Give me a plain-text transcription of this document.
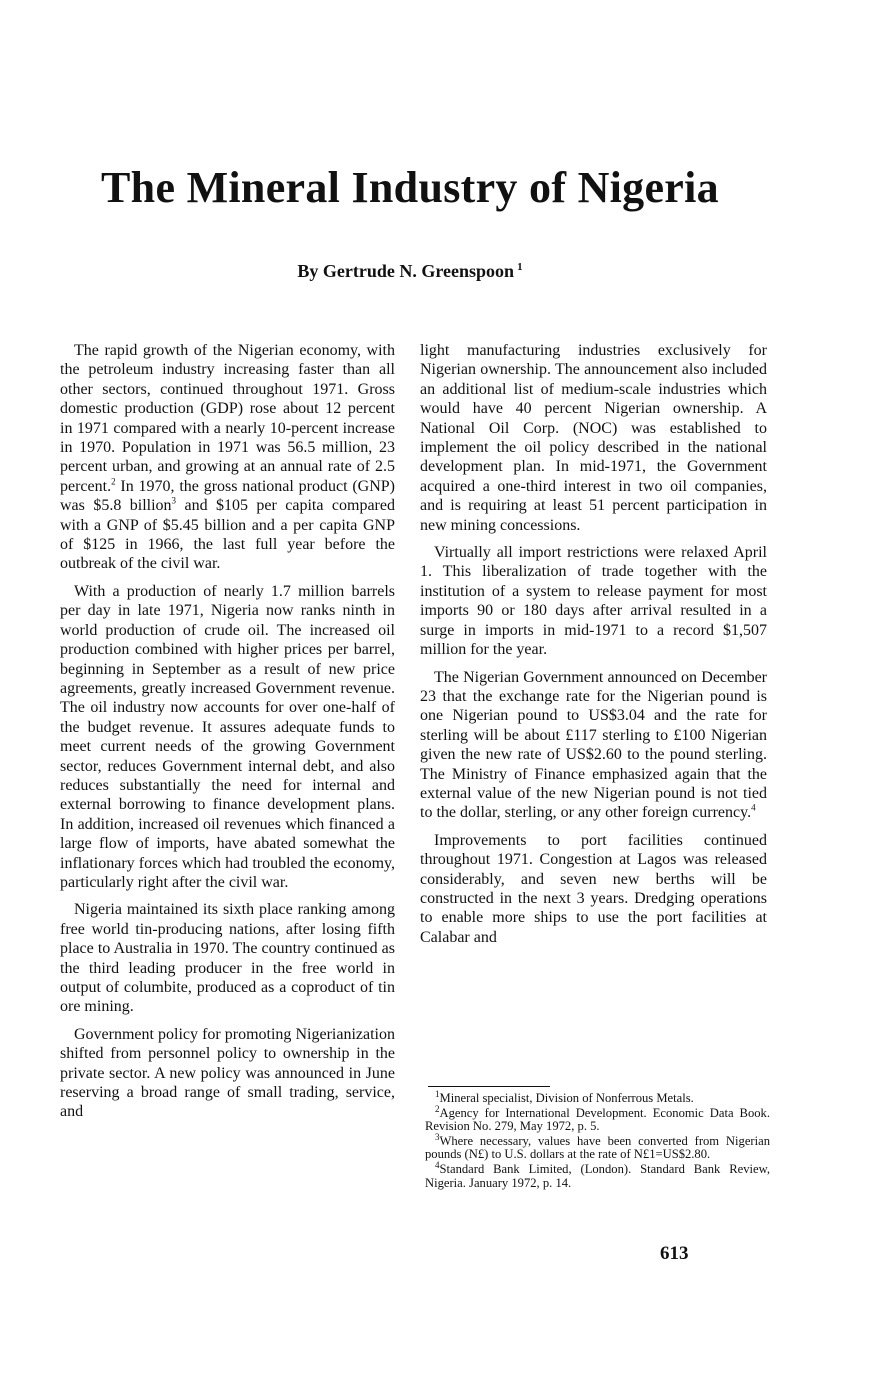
The Mineral Industry of Nigeria
By Gertrude N. Greenspoon $^1$

The rapid growth of the Nigerian economy, with the petroleum industry increasing faster than all other sectors, continued throughout 1971. Gross domestic production (GDP) rose about 12 percent in 1971 compared with a nearly 10-percent increase in 1970. Population in 1971 was 56.5 million, 23 percent urban, and growing at an annual rate of 2.5 percent.$^2$ In 1970, the gross national product (GNP) was $5.8 billion$^3$ and $105 per capita compared with a GNP of $5.45 billion and a per capita GNP of $125 in 1966, the last full year before the outbreak of the civil war.

With a production of nearly 1.7 million barrels per day in late 1971, Nigeria now ranks ninth in world production of crude oil. The increased oil production combined with higher prices per barrel, beginning in September as a result of new price agreements, greatly increased Government revenue. The oil industry now accounts for over one-half of the budget revenue. It assures adequate funds to meet current needs of the growing Government sector, reduces Government internal debt, and also reduces substantially the need for internal and external borrowing to finance development plans. In addition, increased oil revenues which financed a large flow of imports, have abated somewhat the inflationary forces which had troubled the economy, particularly right after the civil war.

Nigeria maintained its sixth place ranking among free world tin-producing nations, after losing fifth place to Australia in 1970. The country continued as the third leading producer in the free world in output of columbite, produced as a coproduct of tin ore mining.

Government policy for promoting Nigerianization shifted from personnel policy to ownership in the private sector. A new policy was announced in June reserving a broad range of small trading, service, and

light manufacturing industries exclusively for Nigerian ownership. The announcement also included an additional list of medium-scale industries which would have 40 percent Nigerian ownership. A National Oil Corp. (NOC) was established to implement the oil policy described in the national development plan. In mid-1971, the Government acquired a one-third interest in two oil companies, and is requiring at least 51 percent participation in new mining concessions.

Virtually all import restrictions were relaxed April 1. This liberalization of trade together with the institution of a system to release payment for most imports 90 or 180 days after arrival resulted in a surge in imports in mid-1971 to a record $1,507 million for the year.

The Nigerian Government announced on December 23 that the exchange rate for the Nigerian pound is one Nigerian pound to US$3.04 and the rate for sterling will be about £117 sterling to £100 Nigerian given the new rate of US$2.60 to the pound sterling. The Ministry of Finance emphasized again that the external value of the new Nigerian pound is not tied to the dollar, sterling, or any other foreign currency.$^4$

Improvements to port facilities continued throughout 1971. Congestion at Lagos was released considerably, and seven new berths will be constructed in the next 3 years. Dredging operations to enable more ships to use the port facilities at Calabar and

$^1$Mineral specialist, Division of Nonferrous Metals.

$^2$Agency for International Development. Economic Data Book. Revision No. 279, May 1972, p. 5.

$^3$Where necessary, values have been converted from Nigerian pounds (N£) to U.S. dollars at the rate of N£1=US$2.80.

$^4$Standard Bank Limited, (London). Standard Bank Review, Nigeria. January 1972, p. 14.

613
